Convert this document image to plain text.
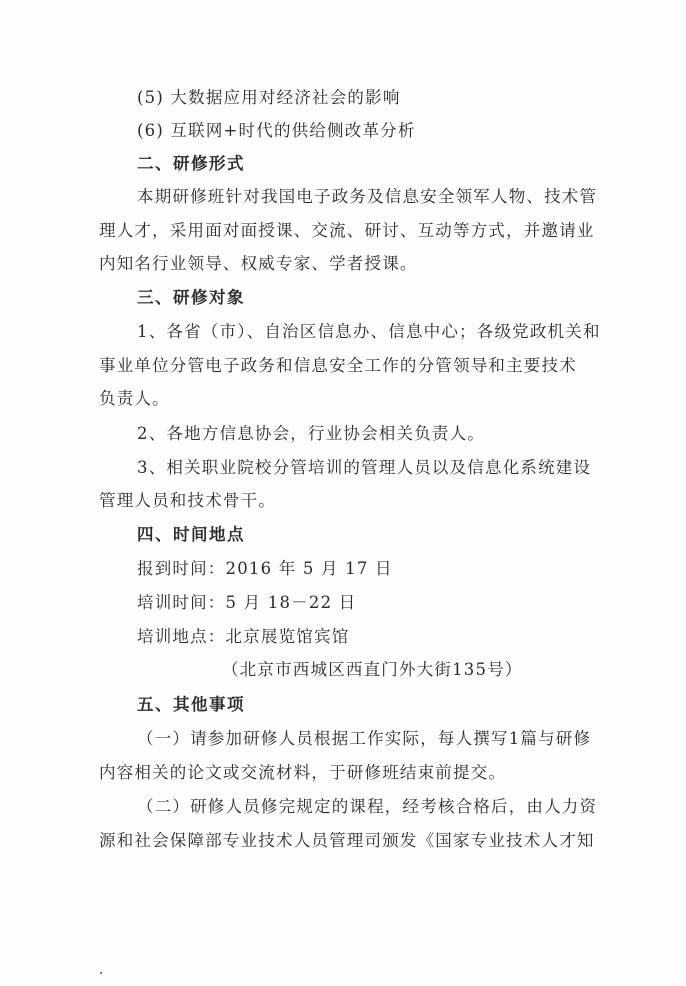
(5) 大数据应用对经济社会的影响
(6) 互联网+时代的供给侧改革分析
二、研修形式
本期研修班针对我国电子政务及信息安全领军人物、技术管
理人才，采用面对面授课、交流、研讨、互动等方式，并邀请业
内知名行业领导、权威专家、学者授课。
三、研修对象
1、各省（市）、自治区信息办、信息中心；各级党政机关和
事业单位分管电子政务和信息安全工作的分管领导和主要技术
负责人。
2、各地方信息协会，行业协会相关负责人。
3、相关职业院校分管培训的管理人员以及信息化系统建设
管理人员和技术骨干。
四、时间地点
报到时间：2016 年 5 月 17 日
培训时间：5 月 18－22 日
培训地点：北京展览馆宾馆
（北京市西城区西直门外大街135号）
五、其他事项
（一）请参加研修人员根据工作实际，每人撰写1篇与研修
内容相关的论文或交流材料，于研修班结束前提交。
（二）研修人员修完规定的课程，经考核合格后，由人力资
源和社会保障部专业技术人员管理司颁发《国家专业技术人才知
